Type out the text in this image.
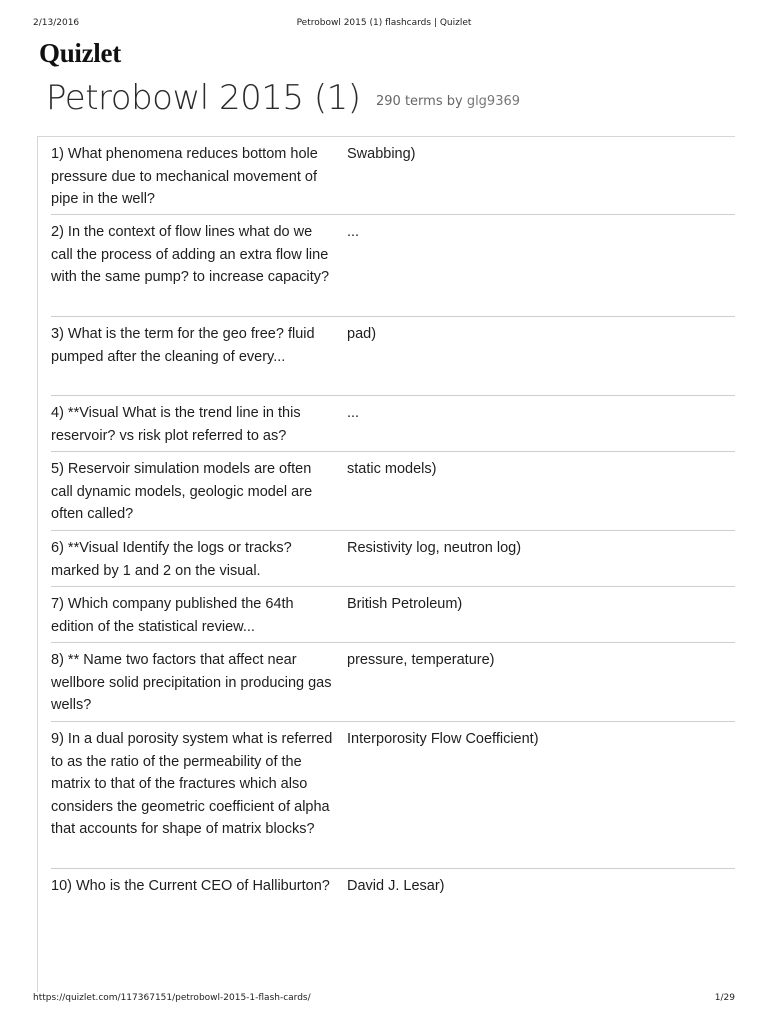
2/13/2016	Petrobowl 2015 (1) flashcards | Quizlet
Quizlet
Petrobowl 2015 (1) 290 terms by glg9369
1) What phenomena reduces bottom hole pressure due to mechanical movement of pipe in the well?
Swabbing)
2) In the context of flow lines what do we call the process of adding an extra flow line with the same pump? to increase capacity?
...
3) What is the term for the geo free? fluid pumped after the cleaning of every...
pad)
4) **Visual What is the trend line in this reservoir? vs risk plot referred to as?
...
5) Reservoir simulation models are often call dynamic models, geologic model are often called?
static models)
6) **Visual Identify the logs or tracks? marked by 1 and 2 on the visual.
Resistivity log, neutron log)
7) Which company published the 64th edition of the statistical review...
British Petroleum)
8) ** Name two factors that affect near wellbore solid precipitation in producing gas wells?
pressure, temperature)
9) In a dual porosity system what is referred to as the ratio of the permeability of the matrix to that of the fractures which also considers the geometric coefficient of alpha that accounts for shape of matrix blocks?
Interporosity Flow Coefficient)
10) Who is the Current CEO of Halliburton? David J. Lesar)
https://quizlet.com/117367151/petrobowl-2015-1-flash-cards/	1/29
